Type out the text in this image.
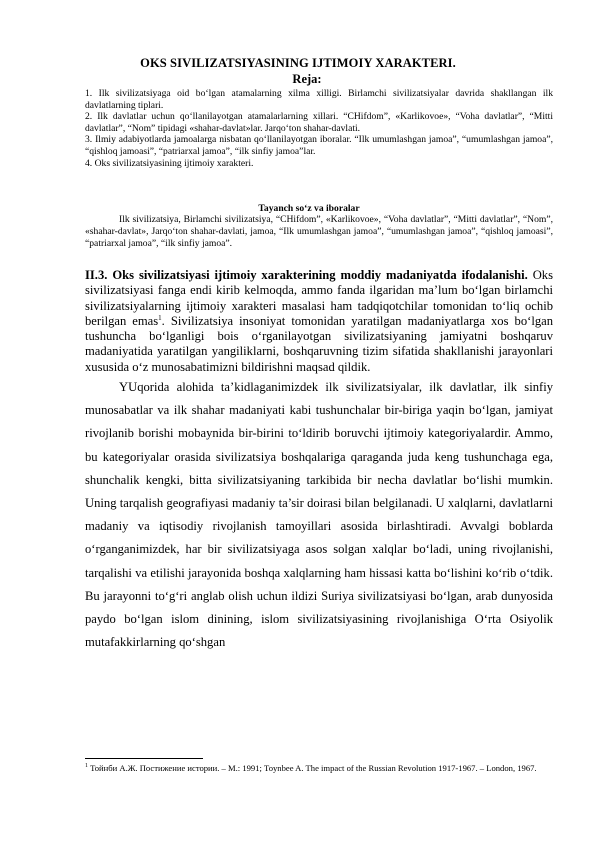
OKS SIVILIZATSIYASINING IJTIMOIY XARAKTERI.
Reja:

1. Ilk sivilizatsiyaga oid bo‘lgan atamalarning xilma xilligi. Birlamchi sivilizatsiyalar davrida shakllangan ilk davlatlarning tiplari.

2. Ilk davlatlar uchun qo‘llanilayotgan atamalarlarning xillari. “CHifdom”, «Karlikovoe», “Voha davlatlar”, “Mitti davlatlar”, “Nom” tipidagi «shahar-davlat»lar. Jarqo‘ton shahar-davlati.

3. Ilmiy adabiyotlarda jamoalarga nisbatan qo‘llanilayotgan iboralar. “Ilk umumlashgan jamoa”, “umumlashgan jamoa”, “qishloq jamoasi”, “patriarxal jamoa”, “ilk sinfiy jamoa”lar.

4. Oks sivilizatsiyasining ijtimoiy xarakteri.

Tayanch so‘z va iboralar

Ilk sivilizatsiya, Birlamchi sivilizatsiya, “CHifdom”, «Karlikovoe», “Voha davlatlar”, “Mitti davlatlar”, “Nom”, «shahar-davlat», Jarqo‘ton shahar-davlati, jamoa, “Ilk umumlashgan jamoa”, “umumlashgan jamoa”, “qishloq jamoasi”, “patriarxal jamoa”, “ilk sinfiy jamoa”.

II.3. Oks sivilizatsiyasi ijtimoiy xarakterining moddiy madaniyatda ifodalanishi. Oks sivilizatsiyasi fanga endi kirib kelmoqda, ammo fanda ilgaridan ma’lum bo‘lgan birlamchi sivilizatsiyalarning ijtimoiy xarakteri masalasi ham tadqiqotchilar tomonidan to‘liq ochib berilgan emas$^1$. Sivilizatsiya insoniyat tomonidan yaratilgan madaniyatlarga xos bo‘lgan tushuncha bo‘lganligi bois o‘rganilayotgan sivilizatsiyaning jamiyatni boshqaruv madaniyatida yaratilgan yangiliklarni, boshqaruvning tizim sifatida shakllanishi jarayonlari xususida o‘z munosabatimizni bildirishni maqsad qildik.

YUqorida alohida ta’kidlaganimizdek ilk sivilizatsiyalar, ilk davlatlar, ilk sinfiy munosabatlar va ilk shahar madaniyati kabi tushunchalar bir-biriga yaqin bo‘lgan, jamiyat rivojlanib borishi mobaynida bir-birini to‘ldirib boruvchi ijtimoiy kategoriyalardir. Ammo, bu kategoriyalar orasida sivilizatsiya boshqalariga qaraganda juda keng tushunchaga ega, shunchalik kengki, bitta sivilizatsiyaning tarkibida bir necha davlatlar bo‘lishi mumkin. Uning tarqalish geografiyasi madaniy ta’sir doirasi bilan belgilanadi. U xalqlarni, davlatlarni madaniy va iqtisodiy rivojlanish tamoyillari asosida birlashtiradi. Avvalgi boblarda o‘rganganimizdek, har bir sivilizatsiyaga asos solgan xalqlar bo‘ladi, uning rivojlanishi, tarqalishi va etilishi jarayonida boshqa xalqlarning ham hissasi katta bo‘lishini ko‘rib o‘tdik. Bu jarayonni to‘g‘ri anglab olish uchun ildizi Suriya sivilizatsiyasi bo‘lgan, arab dunyosida paydo bo‘lgan islom dinining, islom sivilizatsiyasining rivojlanishiga O‘rta Osiyolik mutafakkirlarning qo‘shgan

$^1$ Тойнби А.Ж. Постижение истории. – М.: 1991; Toynbee A. The impact of the Russian Revolution 1917-1967. – London, 1967.
